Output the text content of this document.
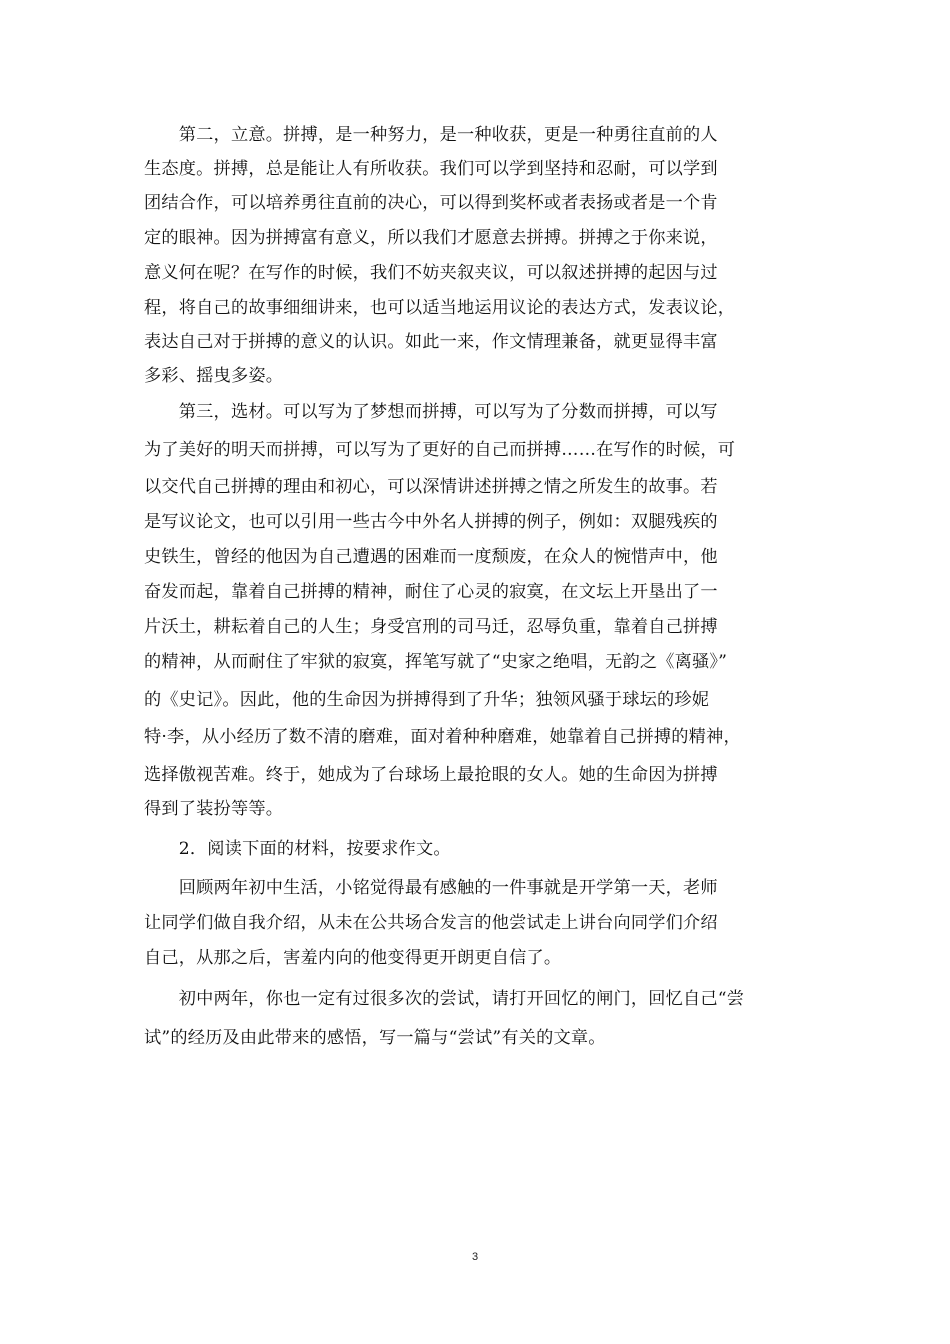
　　第二，立意。拼搏，是一种努力，是一种收获，更是一种勇往直前的人
生态度。拼搏，总是能让人有所收获。我们可以学到坚持和忍耐，可以学到
团结合作，可以培养勇往直前的决心，可以得到奖杯或者表扬或者是一个肯
定的眼神。因为拼搏富有意义，所以我们才愿意去拼搏。拼搏之于你来说，
意义何在呢？在写作的时候，我们不妨夹叙夹议，可以叙述拼搏的起因与过
程，将自己的故事细细讲来，也可以适当地运用议论的表达方式，发表议论，
表达自己对于拼搏的意义的认识。如此一来，作文情理兼备，就更显得丰富
多彩、摇曳多姿。
　　第三，选材。可以写为了梦想而拼搏，可以写为了分数而拼搏，可以写
为了美好的明天而拼搏，可以写为了更好的自己而拼搏……在写作的时候，可
以交代自己拼搏的理由和初心，可以深情讲述拼搏之情之所发生的故事。若
是写议论文，也可以引用一些古今中外名人拼搏的例子，例如：双腿残疾的
史铁生，曾经的他因为自己遭遇的困难而一度颓废，在众人的惋惜声中，他
奋发而起，靠着自己拼搏的精神，耐住了心灵的寂寞，在文坛上开垦出了一
片沃土，耕耘着自己的人生；身受宫刑的司马迁，忍辱负重，靠着自己拼搏
的精神，从而耐住了牢狱的寂寞，挥笔写就了“史家之绝唱，无韵之《离骚》”
的《史记》。因此，他的生命因为拼搏得到了升华；独领风骚于球坛的珍妮
特·李，从小经历了数不清的磨难，面对着种种磨难，她靠着自己拼搏的精神，
选择傲视苦难。终于，她成为了台球场上最抢眼的女人。她的生命因为拼搏
得到了装扮等等。
　　2．阅读下面的材料，按要求作文。
　　回顾两年初中生活，小铭觉得最有感触的一件事就是开学第一天，老师
让同学们做自我介绍，从未在公共场合发言的他尝试走上讲台向同学们介绍
自己，从那之后，害羞内向的他变得更开朗更自信了。
　　初中两年，你也一定有过很多次的尝试，请打开回忆的闸门，回忆自己“尝
试”的经历及由此带来的感悟，写一篇与“尝试”有关的文章。
3
